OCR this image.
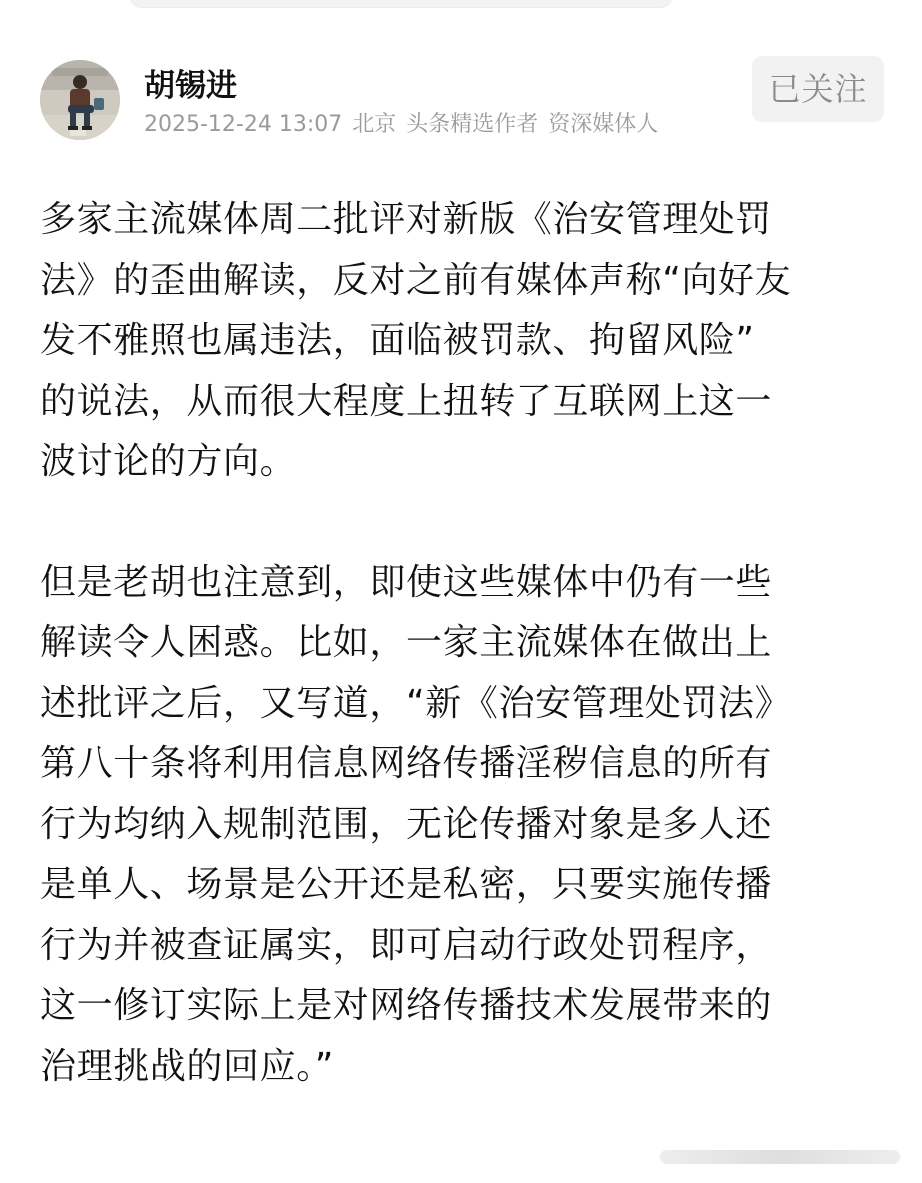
胡锡进
2025-12-24 13:07 北京 头条精选作者 资深媒体人
已关注

多家主流媒体周二批评对新版《治安管理处罚
法》的歪曲解读，反对之前有媒体声称“向好友
发不雅照也属违法，面临被罚款、拘留风险”
的说法，从而很大程度上扭转了互联网上这一
波讨论的方向。

但是老胡也注意到，即使这些媒体中仍有一些
解读令人困惑。比如，一家主流媒体在做出上
述批评之后，又写道，“新《治安管理处罚法》
第八十条将利用信息网络传播淫秽信息的所有
行为均纳入规制范围，无论传播对象是多人还
是单人、场景是公开还是私密，只要实施传播
行为并被查证属实，即可启动行政处罚程序，
这一修订实际上是对网络传播技术发展带来的
治理挑战的回应。”
